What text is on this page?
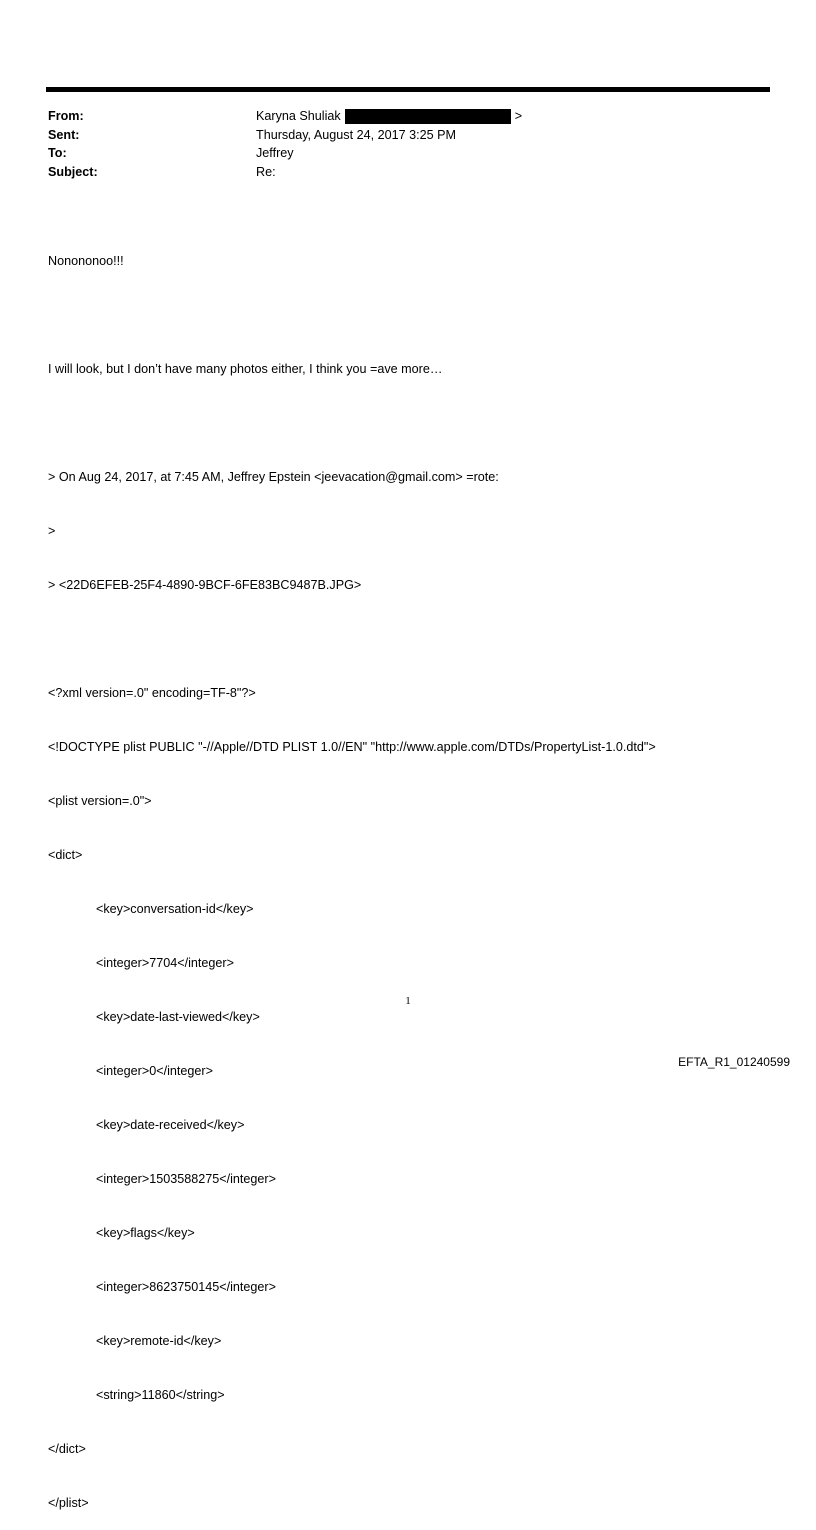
From:	Karyna Shuliak	>
Sent:	Thursday, August 24, 2017 3:25 PM
To:	Jeffrey
Subject:	Re:

Nonononoo!!!

I will look, but I don’t have many photos either, I think you =ave more…

> On Aug 24, 2017, at 7:45 AM, Jeffrey Epstein <jeevacation@gmail.com> =rote:

>

> <22D6EFEB-25F4-4890-9BCF-6FE83BC9487B.JPG>

<?xml version=.0" encoding=TF-8"?>

<!DOCTYPE plist PUBLIC "-//Apple//DTD PLIST 1.0//EN" "http://www.apple.com/DTDs/PropertyList-1.0.dtd">

<plist version=.0">

<dict>

<key>conversation-id</key>

<integer>7704</integer>

<key>date-last-viewed</key>

<integer>0</integer>

<key>date-received</key>

<integer>1503588275</integer>

<key>flags</key>

<integer>8623750145</integer>

<key>remote-id</key>

<string>11860</string>

</dict>

</plist>

1
EFTA_R1_01240599
